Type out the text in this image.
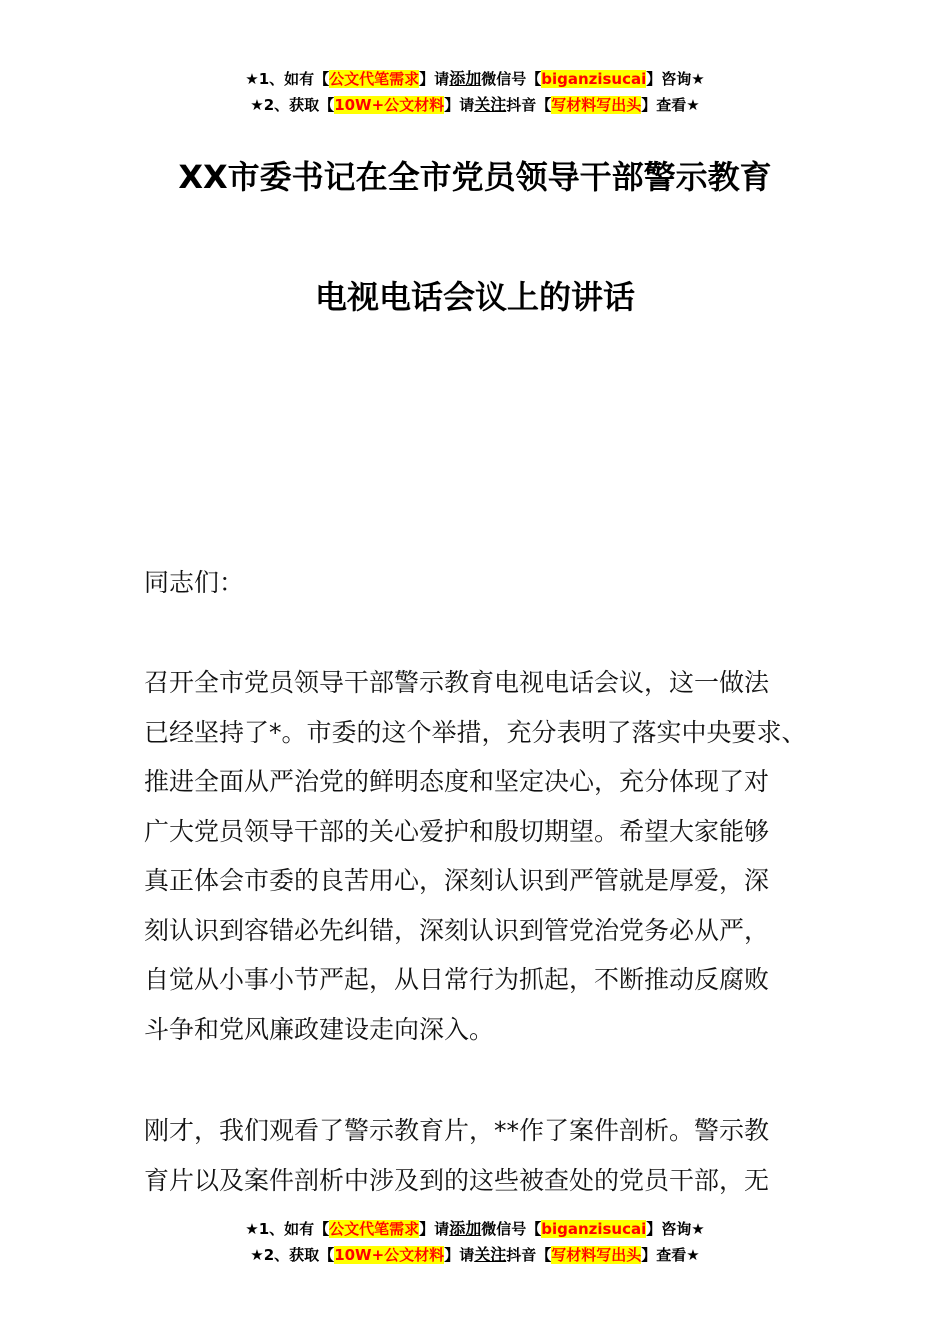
★1、如有【公文代笔需求】请添加微信号【biganzisucai】咨询★
★2、获取【10W+公文材料】请关注抖音【写材料写出头】查看★
XX市委书记在全市党员领导干部警示教育
电视电话会议上的讲话
同志们：
召开全市党员领导干部警示教育电视电话会议，这一做法
已经坚持了*。市委的这个举措，充分表明了落实中央要求、
推进全面从严治党的鲜明态度和坚定决心，充分体现了对
广大党员领导干部的关心爱护和殷切期望。希望大家能够
真正体会市委的良苦用心，深刻认识到严管就是厚爱，深
刻认识到容错必先纠错，深刻认识到管党治党务必从严，
自觉从小事小节严起，从日常行为抓起，不断推动反腐败
斗争和党风廉政建设走向深入。
刚才，我们观看了警示教育片，**作了案件剖析。警示教
育片以及案件剖析中涉及到的这些被查处的党员干部，无
★1、如有【公文代笔需求】请添加微信号【biganzisucai】咨询★
★2、获取【10W+公文材料】请关注抖音【写材料写出头】查看★
